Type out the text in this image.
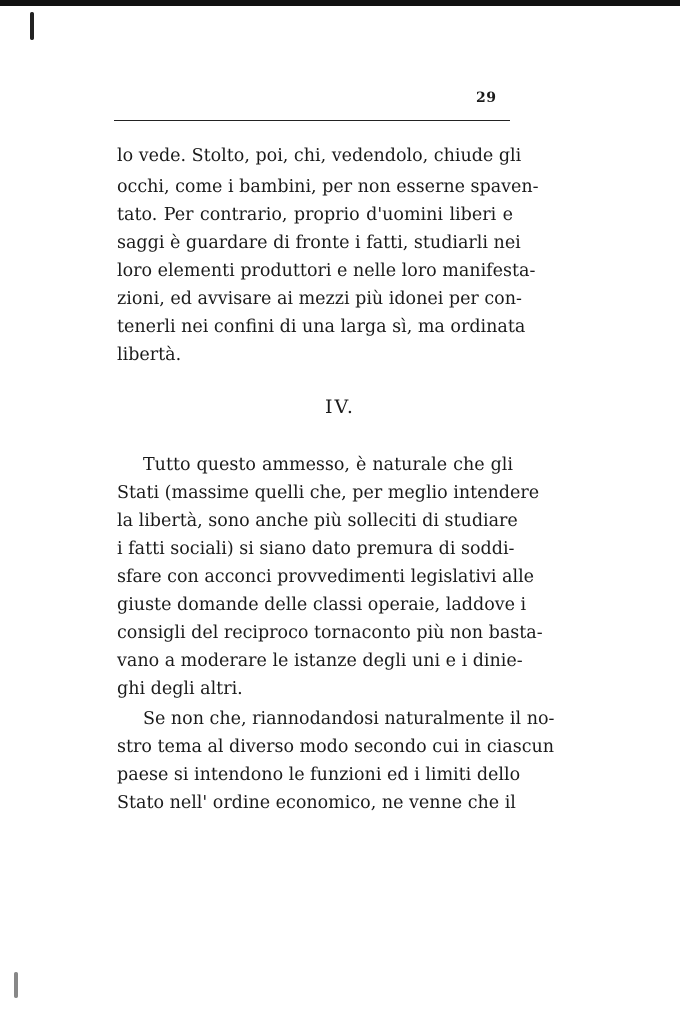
29
lo vede. Stolto, poi, chi, vedendolo, chiude gli
occhi, come i bambini, per non esserne spaven-
tato. Per contrario, proprio d'uomini liberi e
saggi è guardare di fronte i fatti, studiarli nei
loro elementi produttori e nelle loro manifesta-
zioni, ed avvisare ai mezzi più idonei per con-
tenerli nei confini di una larga sì, ma ordinata
libertà.
IV.
Tutto questo ammesso, è naturale che gli
Stati (massime quelli che, per meglio intendere
la libertà, sono anche più solleciti di studiare
i fatti sociali) si siano dato premura di soddi-
sfare con acconci provvedimenti legislativi alle
giuste domande delle classi operaie, laddove i
consigli del reciproco tornaconto più non basta-
vano a moderare le istanze degli uni e i dinie-
ghi degli altri.
Se non che, riannodandosi naturalmente il no-
stro tema al diverso modo secondo cui in ciascun
paese si intendono le funzioni ed i limiti dello
Stato nell' ordine economico, ne venne che il
